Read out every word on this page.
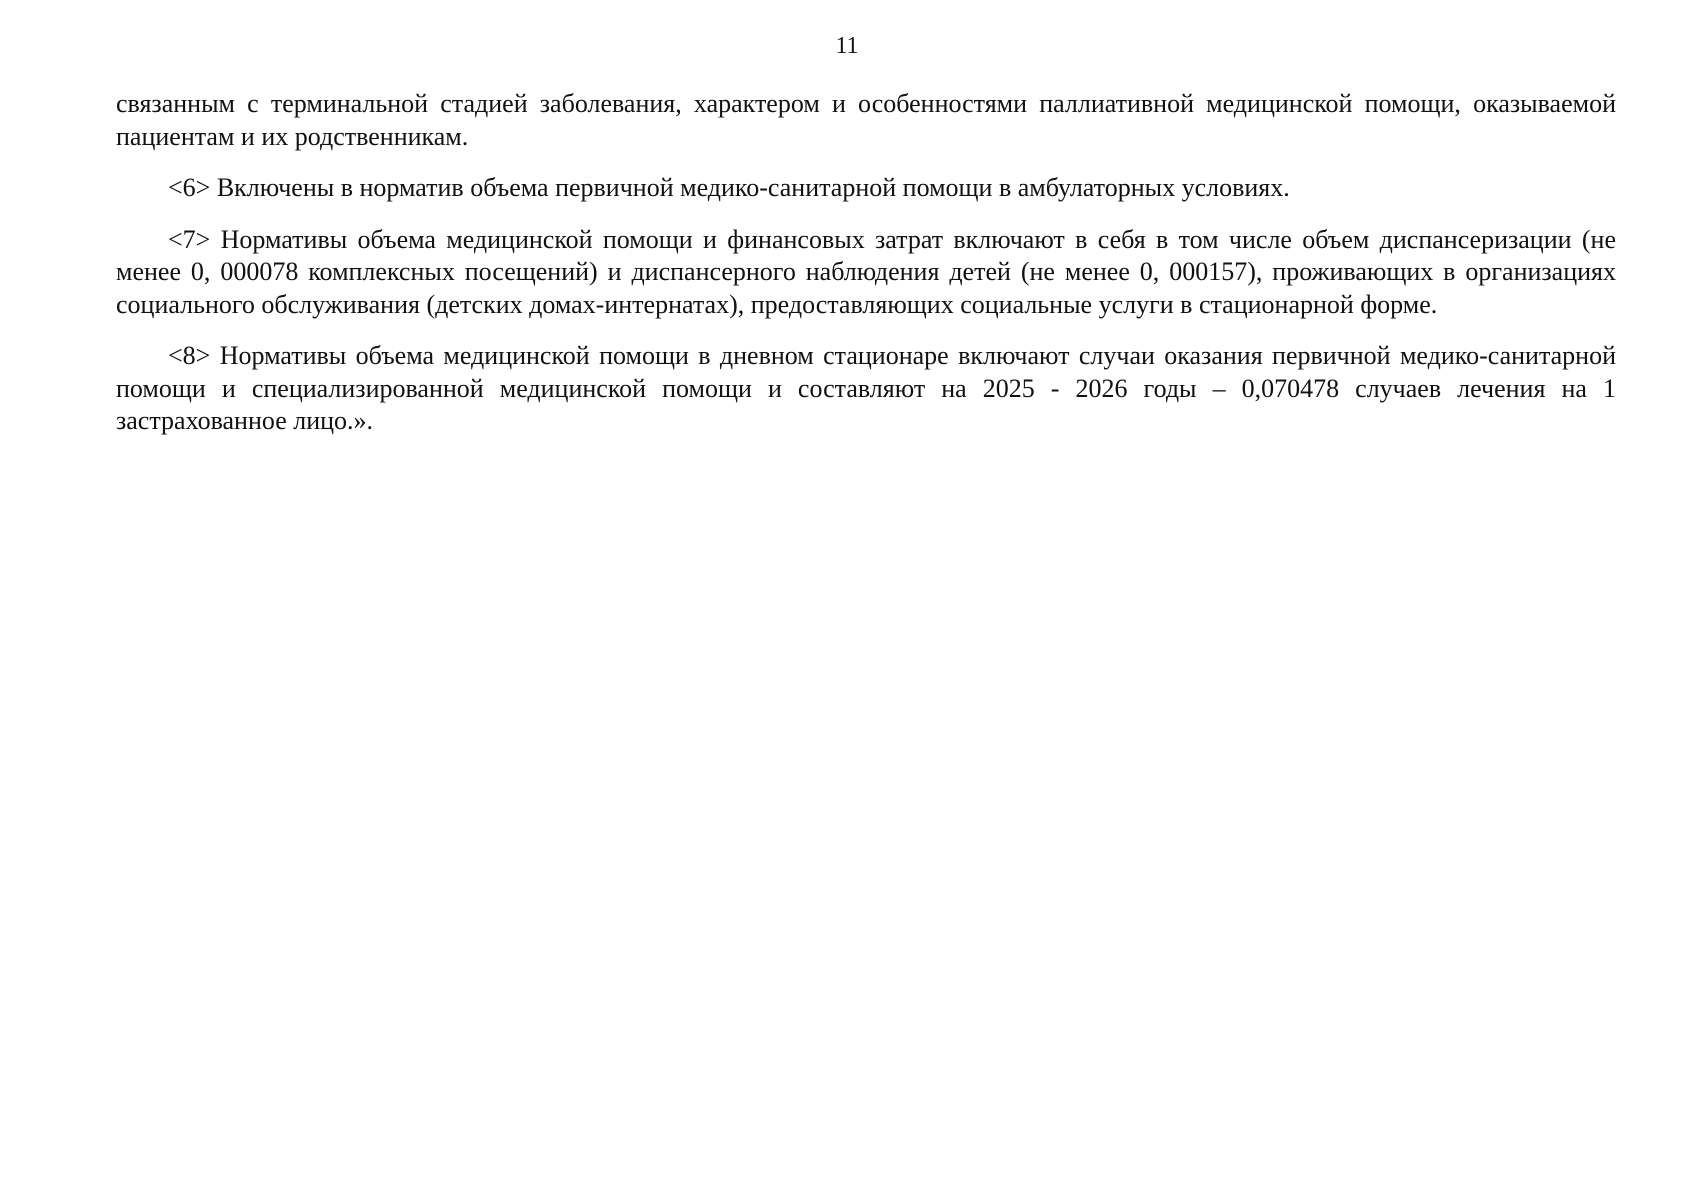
11

связанным с терминальной стадией заболевания, характером и особенностями паллиативной медицинской помощи, оказываемой пациентам и их родственникам.

<6> Включены в норматив объема первичной медико-санитарной помощи в амбулаторных условиях.

<7> Нормативы объема медицинской помощи и финансовых затрат включают в себя в том числе объем диспансеризации (не менее 0, 000078 комплексных посещений) и диспансерного наблюдения детей (не менее 0, 000157), проживающих в организациях социального обслуживания (детских домах-интернатах), предоставляющих социальные услуги в стационарной форме.

<8> Нормативы объема медицинской помощи в дневном стационаре включают случаи оказания первичной медико-санитарной помощи и специализированной медицинской помощи и составляют на 2025 - 2026 годы – 0,070478 случаев лечения на 1 застрахованное лицо.».
